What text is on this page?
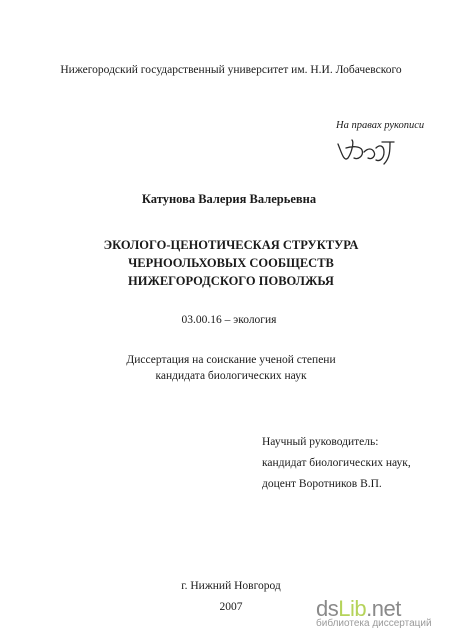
Нижегородский государственный университет им. Н.И. Лобачевского
На правах рукописи
Катунова Валерия Валерьевна
ЭКОЛОГО-ЦЕНОТИЧЕСКАЯ СТРУКТУРА
ЧЕРНООЛЬХОВЫХ СООБЩЕСТВ
НИЖЕГОРОДСКОГО ПОВОЛЖЬЯ
03.00.16 – экология
Диссертация на соискание ученой степени
кандидата биологических наук
Научный руководитель:
кандидат биологических наук,
доцент Воротников В.П.
г. Нижний Новгород
2007	dsLib.net
библиотека диссертаций
